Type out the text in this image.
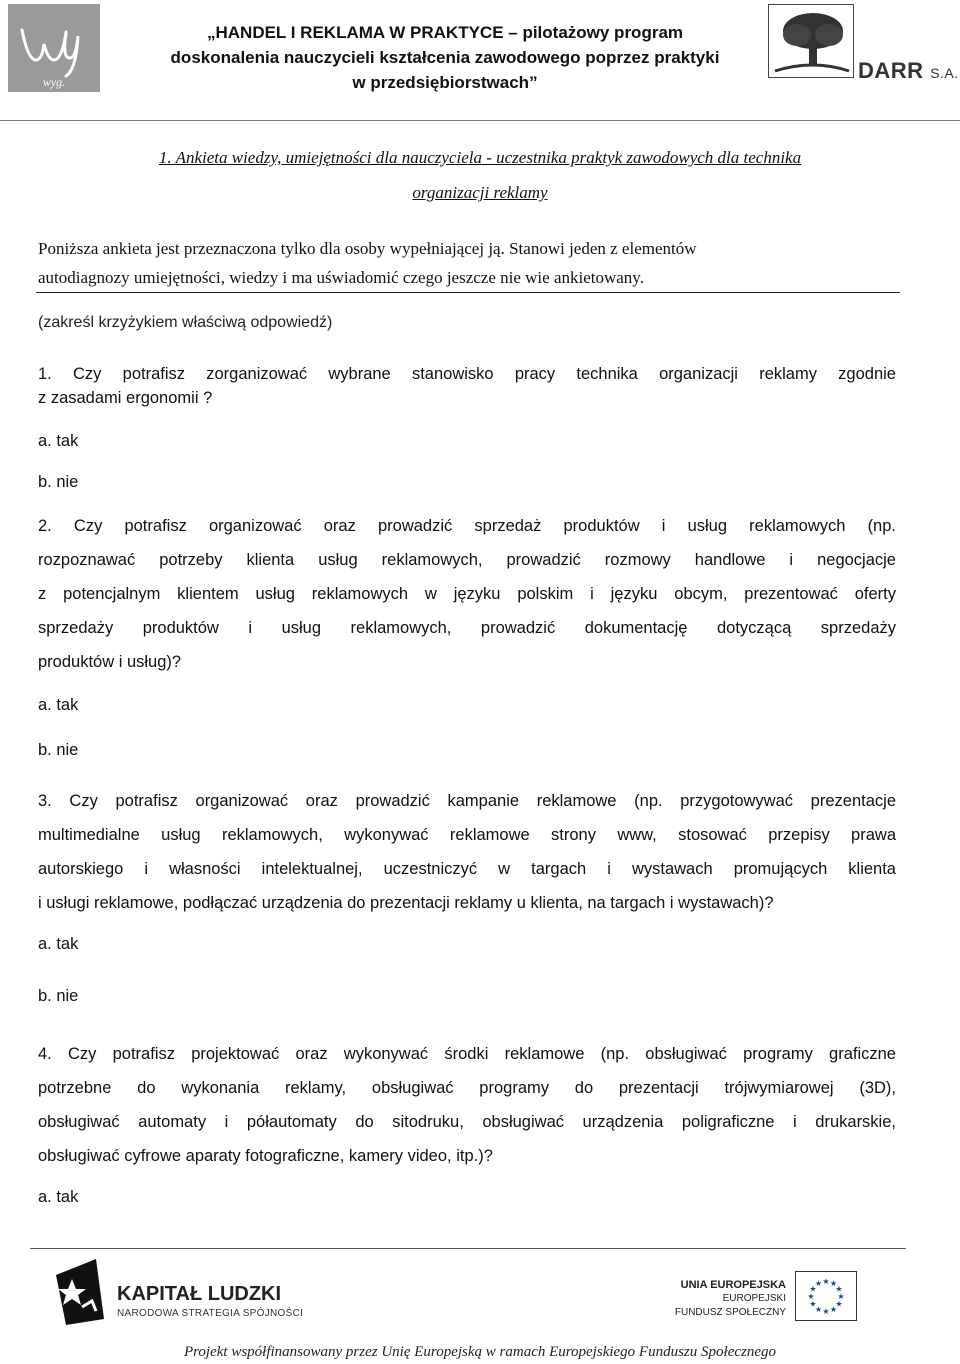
wyg.
„HANDEL I REKLAMA W PRAKTYCE – pilotażowy program
doskonalenia nauczycieli kształcenia zawodowego poprzez praktyki
w przedsiębiorstwach”	DARR S.A.
1. Ankieta wiedzy, umiejętności dla nauczyciela - uczestnika praktyk zawodowych dla technika
organizacji reklamy
Poniższa ankieta jest przeznaczona tylko dla osoby wypełniającej ją. Stanowi jeden z elementów
autodiagnozy umiejętności, wiedzy i ma uświadomić czego jeszcze nie wie ankietowany.
(zakreśl krzyżykiem właściwą odpowiedź)
1. Czy potrafisz zorganizować wybrane stanowisko pracy technika organizacji reklamy zgodnie
z zasadami ergonomii ?
a. tak
b. nie
2. Czy potrafisz organizować oraz prowadzić sprzedaż produktów i usług reklamowych (np.
rozpoznawać potrzeby klienta usług reklamowych, prowadzić rozmowy handlowe i negocjacje
z potencjalnym klientem usług reklamowych w języku polskim i języku obcym, prezentować oferty
sprzedaży produktów i usług reklamowych, prowadzić dokumentację dotyczącą sprzedaży
produktów i usług)?
a. tak
b. nie
3. Czy potrafisz organizować oraz prowadzić kampanie reklamowe (np. przygotowywać prezentacje
multimedialne usług reklamowych, wykonywać reklamowe strony www, stosować przepisy prawa
autorskiego i własności intelektualnej, uczestniczyć w targach i wystawach promujących klienta
i usługi reklamowe, podłączać urządzenia do prezentacji reklamy u klienta, na targach i wystawach)?
a. tak
b. nie
4. Czy potrafisz projektować oraz wykonywać środki reklamowe (np. obsługiwać programy graficzne
potrzebne do wykonania reklamy, obsługiwać programy do prezentacji trójwymiarowej (3D),
obsługiwać automaty i półautomaty do sitodruku, obsługiwać urządzenia poligraficzne i drukarskie,
obsługiwać cyfrowe aparaty fotograficzne, kamery video, itp.)?
a. tak
KAPITAŁ LUDZKI
NARODOWA STRATEGIA SPÓJNOŚCI
UNIA EUROPEJSKA
EUROPEJSKI
FUNDUSZ SPOŁECZNY
★
★
★
★
★
★
★
★
★ ★ ★
★
Projekt współfinansowany przez Unię Europejską w ramach Europejskiego Funduszu Społecznego
